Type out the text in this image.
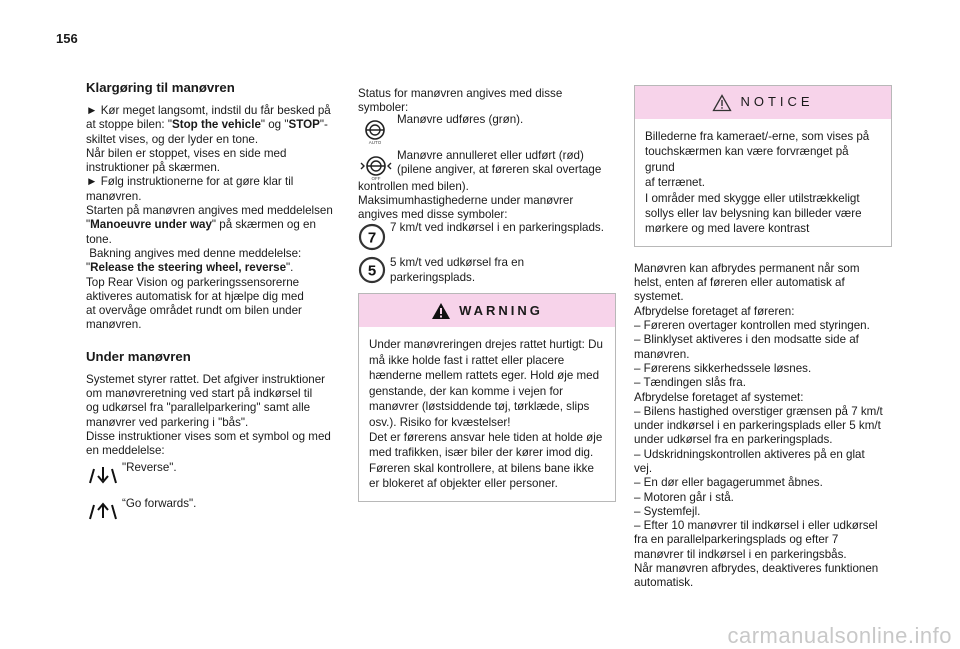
156
Klargøring til manøvren

► Kør meget langsomt, indstil du får besked på

at stoppe bilen: "Stop the vehicle" og "STOP"-

skiltet vises, og der lyder en tone.

Når bilen er stoppet, vises en side med

instruktioner på skærmen.

► Følg instruktionerne for at gøre klar til

manøvren.

Starten på manøvren angives med meddelelsen

"Manoeuvre under way" på skærmen og en

tone.

Bakning angives med denne meddelelse:

"Release the steering wheel, reverse".

Top Rear Vision og parkeringssensorerne

aktiveres automatisk for at hjælpe dig med

at overvåge området rundt om bilen under

manøvren.

Under manøvren

Systemet styrer rattet. Det afgiver instruktioner

om manøvreretning ved start på indkørsel til

og udkørsel fra "parallelparkering" samt alle

manøvrer ved parkering i "bås".

Disse instruktioner vises som et symbol og med

en meddelelse:

"Reverse".
“Go forwards".

Status for manøvren angives med disse

symboler:

AUTO
Manøvre udføres (grøn).
OFF

Manøvre annulleret eller udført (rød)

(pilene angiver, at føreren skal overtage

kontrollen med bilen).

Maksimumhastighederne under manøvrer

angives med disse symboler:

7
7 km/t ved indkørsel i en parkeringsplads.
5 5 km/t ved udkørsel fra en

parkeringsplads.

WARNING

Under manøvreringen drejes rattet hurtigt: Du

må ikke holde fast i rattet eller placere

hænderne mellem rattets eger. Hold øje med

genstande, der kan komme i vejen for

manøvrer (løstsiddende tøj, tørklæde, slips

osv.). Risiko for kvæstelser!

Det er førerens ansvar hele tiden at holde øje

med trafikken, især biler der kører imod dig.

Føreren skal kontrollere, at bilens bane ikke

er blokeret af objekter eller personer.

NOTICE

Billederne fra kameraet/-erne, som vises på

touchskærmen kan være forvrænget på grund

af terrænet.

I områder med skygge eller utilstrækkeligt

sollys eller lav belysning kan billeder være

mørkere og med lavere kontrast

Manøvren kan afbrydes permanent når som

helst, enten af føreren eller automatisk af

systemet.

Afbrydelse foretaget af føreren:

– Føreren overtager kontrollen med styringen.

– Blinklyset aktiveres i den modsatte side af

manøvren.

– Førerens sikkerhedssele løsnes.

– Tændingen slås fra.

Afbrydelse foretaget af systemet:

– Bilens hastighed overstiger grænsen på 7 km/t

under indkørsel i en parkeringsplads eller 5 km/t

under udkørsel fra en parkeringsplads.

– Udskridningskontrollen aktiveres på en glat

vej.

– En dør eller bagagerummet åbnes.

– Motoren går i stå.

– Systemfejl.

– Efter 10 manøvrer til indkørsel i eller udkørsel

fra en parallelparkeringsplads og efter 7

manøvrer til indkørsel i en parkeringsbås.

Når manøvren afbrydes, deaktiveres funktionen

automatisk.

carmanualsonline.info
